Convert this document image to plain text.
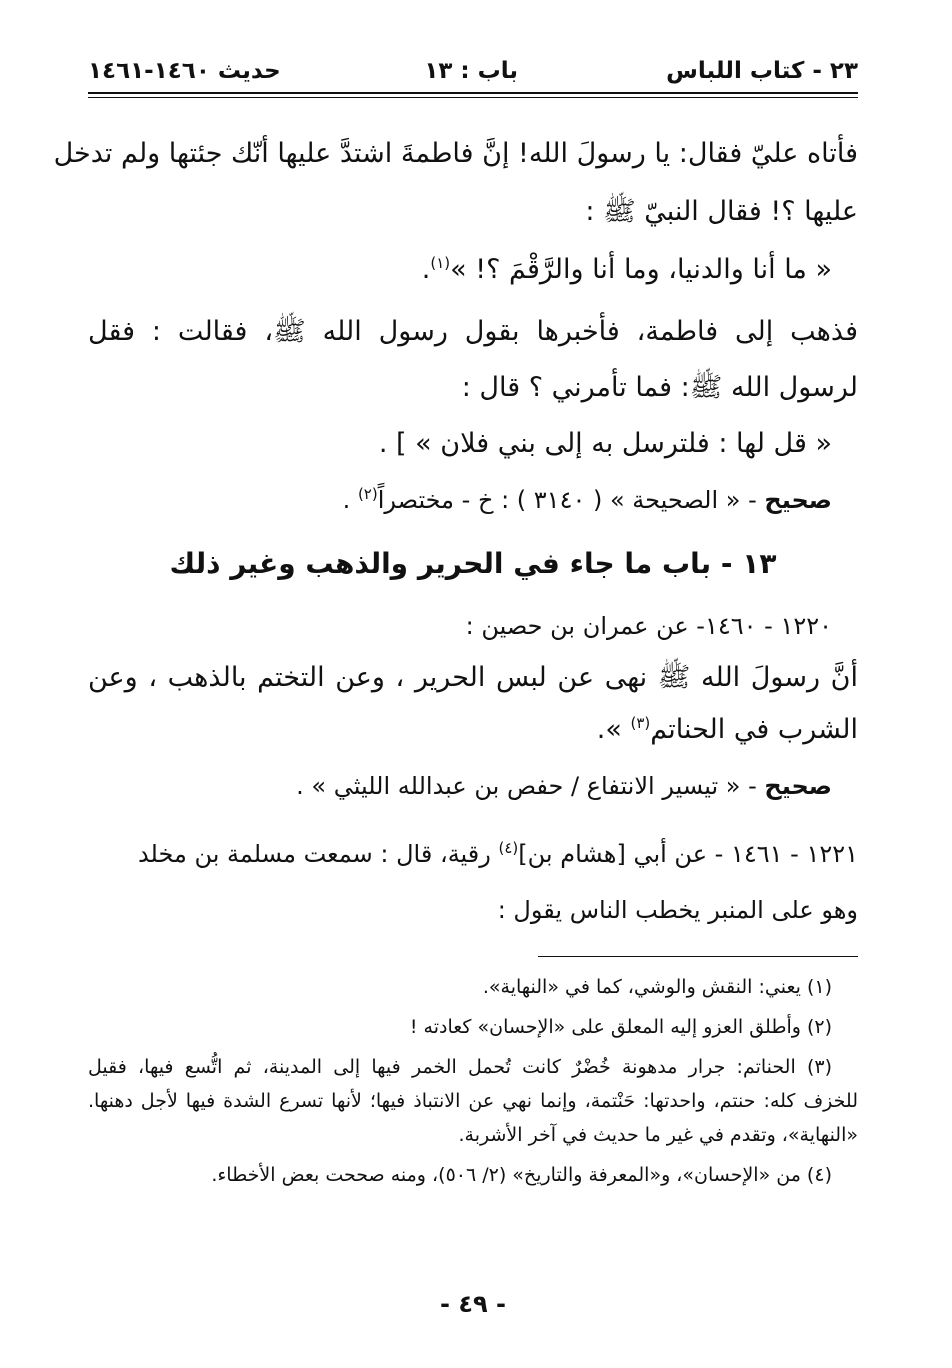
٢٣ - كتاب اللباس
باب : ١٣
حديث ١٤٦٠-١٤٦١
فأتاه عليّ فقال: يا رسولَ الله! إنَّ فاطمةَ اشتدَّ عليها أنّك جئتها ولم تدخل
عليها ؟! فقال النبيّ ﷺ :
« ما أنا والدنيا، وما أنا والرَّقْمَ ؟! »$^{(١)}$.
فذهب إلى فاطمة، فأخبرها بقول رسول الله ﷺ، فقالت : فقل
لرسول الله ﷺ: فما تأمرني ؟ قال :
« قل لها : فلترسل به إلى بني فلان » ] .
صحيح - « الصحيحة » ( ٣١٤٠ ) : خ - مختصراً$^{(٢)}$ .
١٣ - باب ما جاء في الحرير والذهب وغير ذلك
١٢٢٠ - ١٤٦٠- عن عمران بن حصين :
أنَّ رسولَ الله ﷺ نهى عن لبس الحرير ، وعن التختم بالذهب ، وعن
الشرب في الحناتم$^{(٣)}$ ».
صحيح - « تيسير الانتفاع / حفص بن عبدالله الليثي » .
١٢٢١ - ١٤٦١ - عن أبي [هشام بن]$^{(٤)}$ رقية، قال : سمعت مسلمة بن مخلد
وهو على المنبر يخطب الناس يقول :
(١) يعني: النقش والوشي، كما في «النهاية».
(٢) وأطلق العزو إليه المعلق على «الإحسان» كعادته !
(٣) الحناتم: جرار مدهونة خُضْرٌ كانت تُحمل الخمر فيها إلى المدينة، ثم اتُّسع فيها، فقيل
للخزف كله: حنتم، واحدتها: حَنْتمة، وإنما نهي عن الانتباذ فيها؛ لأنها تسرع الشدة فيها لأجل دهنها.
«النهاية»، وتقدم في غير ما حديث في آخر الأشربة.
(٤) من «الإحسان»، و«المعرفة والتاريخ» (٢/ ٥٠٦)، ومنه صححت بعض الأخطاء.
- ٤٩ -
